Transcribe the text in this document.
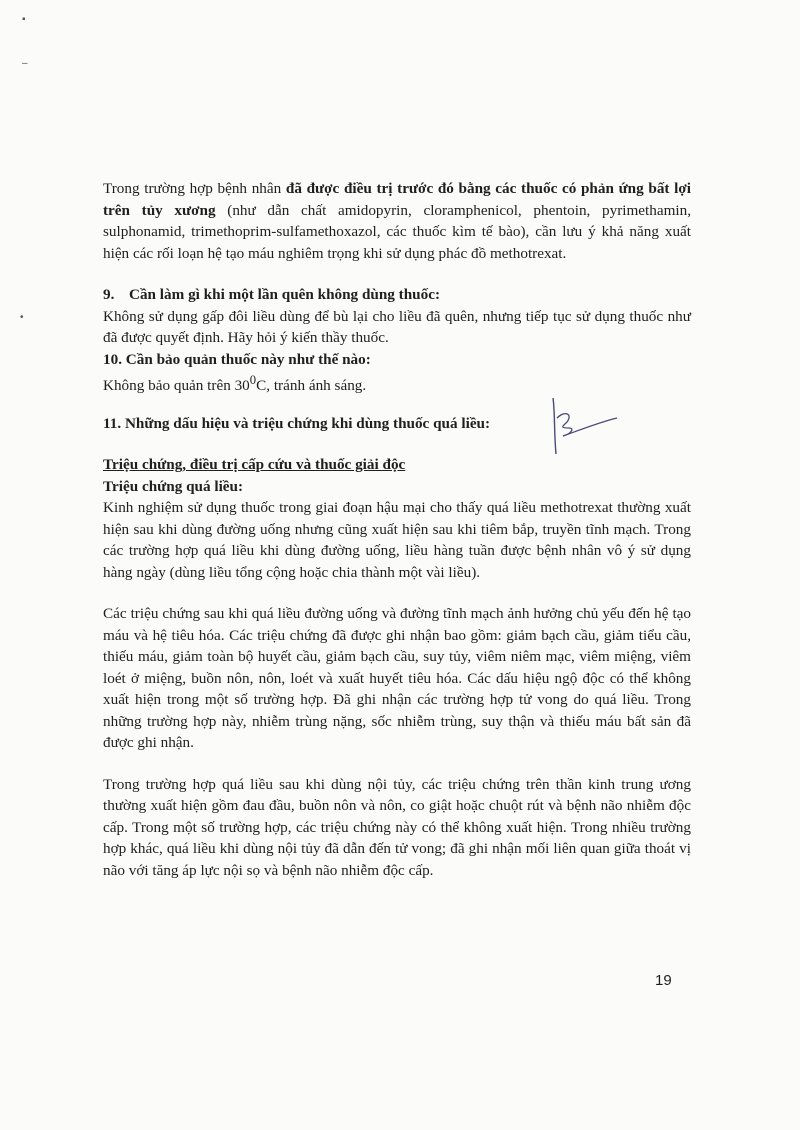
▪
–
•

Trong trường hợp bệnh nhân đã được điều trị trước đó bằng các thuốc có phản ứng bất lợi trên tủy xương (như dẫn chất amidopyrin, cloramphenicol, phentoin, pyrimethamin, sulphonamid, trimethoprim-sulfamethoxazol, các thuốc kìm tế bào), cần lưu ý khả năng xuất hiện các rối loạn hệ tạo máu nghiêm trọng khi sử dụng phác đồ methotrexat.

9. Cần làm gì khi một lần quên không dùng thuốc:

Không sử dụng gấp đôi liều dùng để bù lại cho liều đã quên, nhưng tiếp tục sử dụng thuốc như đã được quyết định. Hãy hỏi ý kiến thầy thuốc.

10. Cần bảo quản thuốc này như thế nào:

Không bảo quản trên $30^0C$, tránh ánh sáng.

11. Những dấu hiệu và triệu chứng khi dùng thuốc quá liều:

Triệu chứng, điều trị cấp cứu và thuốc giải độc

Triệu chứng quá liều:

Kinh nghiệm sử dụng thuốc trong giai đoạn hậu mại cho thấy quá liều methotrexat thường xuất hiện sau khi dùng đường uống nhưng cũng xuất hiện sau khi tiêm bắp, truyền tĩnh mạch. Trong các trường hợp quá liều khi dùng đường uống, liều hàng tuần được bệnh nhân vô ý sử dụng hàng ngày (dùng liều tổng cộng hoặc chia thành một vài liều).

Các triệu chứng sau khi quá liều đường uống và đường tĩnh mạch ảnh hưởng chủ yếu đến hệ tạo máu và hệ tiêu hóa. Các triệu chứng đã được ghi nhận bao gồm: giảm bạch cầu, giảm tiểu cầu, thiếu máu, giảm toàn bộ huyết cầu, giảm bạch cầu, suy tủy, viêm niêm mạc, viêm miệng, viêm loét ở miệng, buồn nôn, nôn, loét và xuất huyết tiêu hóa. Các dấu hiệu ngộ độc có thể không xuất hiện trong một số trường hợp. Đã ghi nhận các trường hợp tử vong do quá liều. Trong những trường hợp này, nhiễm trùng nặng, sốc nhiễm trùng, suy thận và thiếu máu bất sản đã được ghi nhận.

Trong trường hợp quá liều sau khi dùng nội tủy, các triệu chứng trên thần kinh trung ương thường xuất hiện gồm đau đầu, buồn nôn và nôn, co giật hoặc chuột rút và bệnh não nhiễm độc cấp. Trong một số trường hợp, các triệu chứng này có thể không xuất hiện. Trong nhiều trường hợp khác, quá liều khi dùng nội tủy đã dẫn đến tử vong; đã ghi nhận mối liên quan giữa thoát vị não với tăng áp lực nội sọ và bệnh não nhiễm độc cấp.

19
